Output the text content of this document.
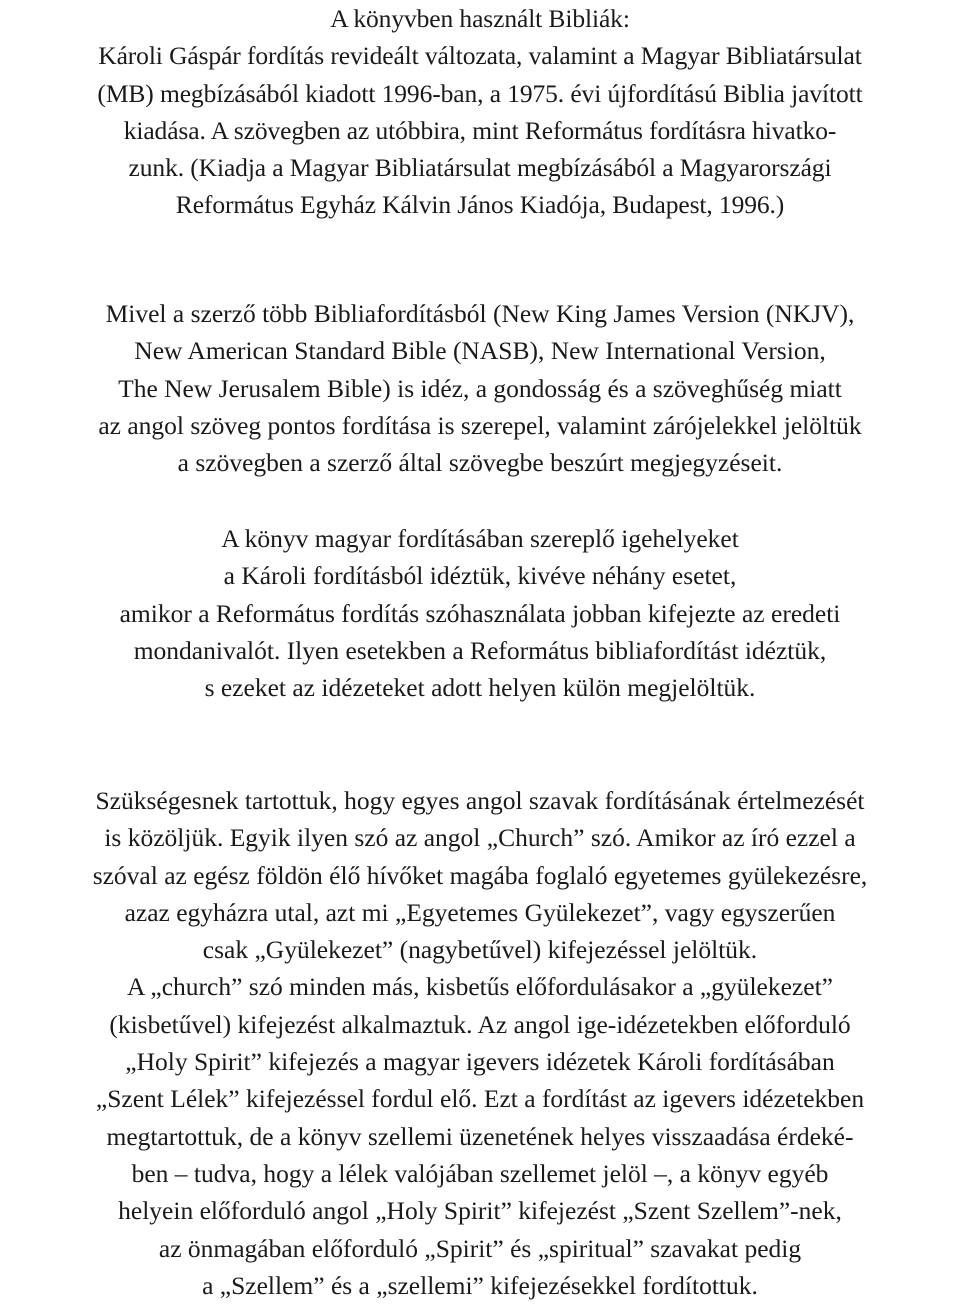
A könyvben használt Bibliák:
Károli Gáspár fordítás revideált változata, valamint a Magyar Bibliatársulat
(MB) megbízásából kiadott 1996-ban, a 1975. évi újfordítású Biblia javított
kiadása. A szövegben az utóbbira, mint Református fordításra hivatko-
zunk. (Kiadja a Magyar Bibliatársulat megbízásából a Magyarországi
Református Egyház Kálvin János Kiadója, Budapest, 1996.)
Mivel a szerző több Bibliafordításból (New King James Version (NKJV),
New American Standard Bible (NASB), New International Version,
The New Jerusalem Bible) is idéz, a gondosság és a szöveghűség miatt
az angol szöveg pontos fordítása is szerepel, valamint zárójelekkel jelöltük
a szövegben a szerző által szövegbe beszúrt megjegyzéseit.
A könyv magyar fordításában szereplő igehelyeket
a Károli fordításból idéztük, kivéve néhány esetet,
amikor a Református fordítás szóhasználata jobban kifejezte az eredeti
mondanivalót. Ilyen esetekben a Református bibliafordítást idéztük,
s ezeket az idézeteket adott helyen külön megjelöltük.
Szükségesnek tartottuk, hogy egyes angol szavak fordításának értelmezését
is közöljük. Egyik ilyen szó az angol „Church” szó. Amikor az író ezzel a
szóval az egész földön élő hívőket magába foglaló egyetemes gyülekezésre,
azaz egyházra utal, azt mi „Egyetemes Gyülekezet”, vagy egyszerűen
csak „Gyülekezet” (nagybetűvel) kifejezéssel jelöltük.
A „church” szó minden más, kisbetűs előfordulásakor a „gyülekezet”
(kisbetűvel) kifejezést alkalmaztuk. Az angol ige-idézetekben előforduló
„Holy Spirit” kifejezés a magyar igevers idézetek Károli fordításában
„Szent Lélek” kifejezéssel fordul elő. Ezt a fordítást az igevers idézetekben
megtartottuk, de a könyv szellemi üzenetének helyes visszaadása érdeké-
ben – tudva, hogy a lélek valójában szellemet jelöl –, a könyv egyéb
helyein előforduló angol „Holy Spirit” kifejezést „Szent Szellem”-nek,
az önmagában előforduló „Spirit” és „spiritual” szavakat pedig
a „Szellem” és a „szellemi” kifejezésekkel fordítottuk.
